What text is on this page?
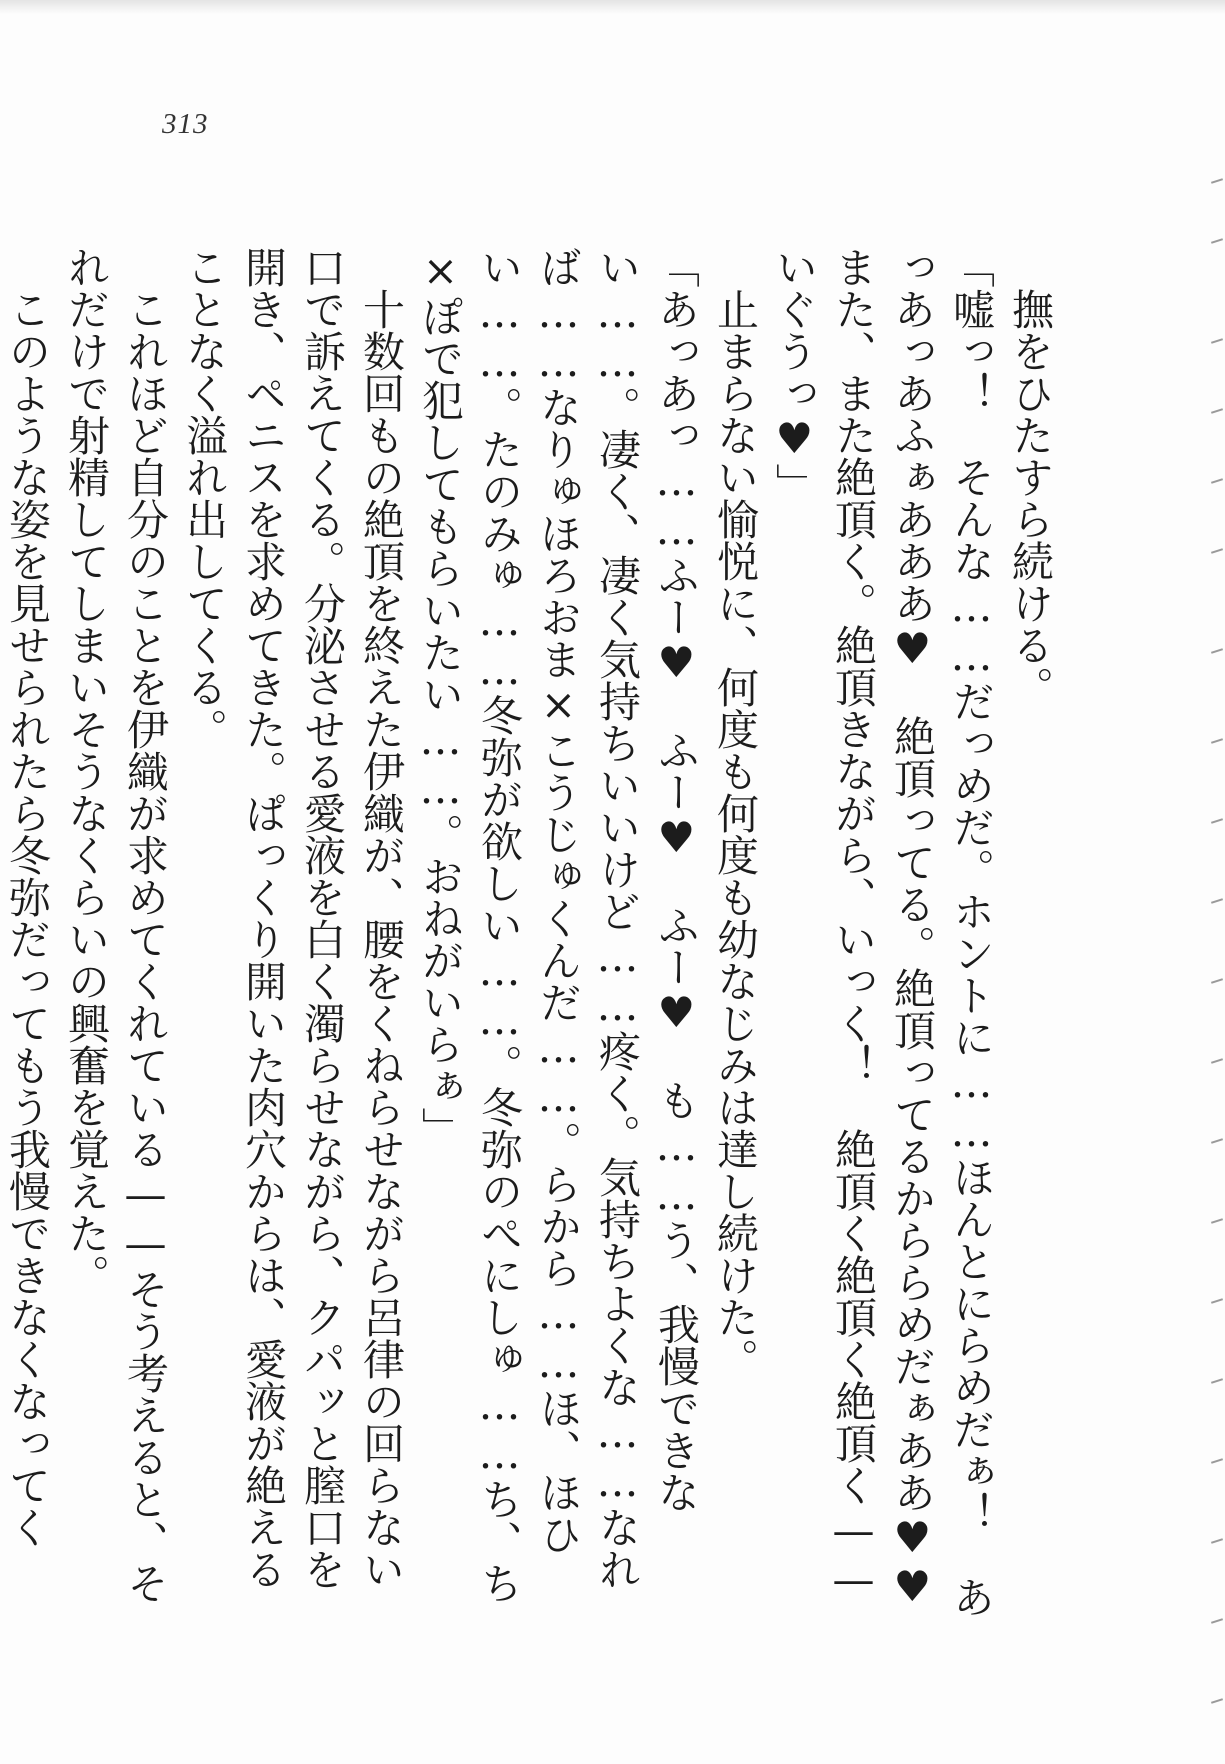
313

撫をひたすら続ける。

「嘘っ！　そんな……だっめだ。ホントに……ほんとにらめだぁ！　あっあっあふぁあああ♥　絶頂ってる。絶頂ってるかららめだぁああ♥♥　また、また絶頂く。絶頂きながら、いっく！　絶頂く絶頂く絶頂く——いぐうっ♥」

止まらない愉悦に、何度も何度も幼なじみは達し続けた。

「あっあっ……ふー♥　ふー♥　ふー♥　も……う、我慢できない……。凄く、凄く気持ちいいけど……疼く。気持ちよくな……なれば……なりゅほろおま×こうじゅくんだ……。らから……ほ、ほひい……。たのみゅ……冬弥が欲しい……。冬弥のぺにしゅ……ち、ち×ぽで犯してもらいたい……。おねがいらぁ」

十数回もの絶頂を終えた伊織が、腰をくねらせながら呂律の回らない口で訴えてくる。分泌させる愛液を白く濁らせながら、クパッと膣口を開き、ペニスを求めてきた。ぱっくり開いた肉穴からは、愛液が絶えることなく溢れ出してくる。

これほど自分のことを伊織が求めてくれている——そう考えると、それだけで射精してしまいそうなくらいの興奮を覚えた。

このような姿を見せられたら冬弥だってもう我慢できなくなってく
